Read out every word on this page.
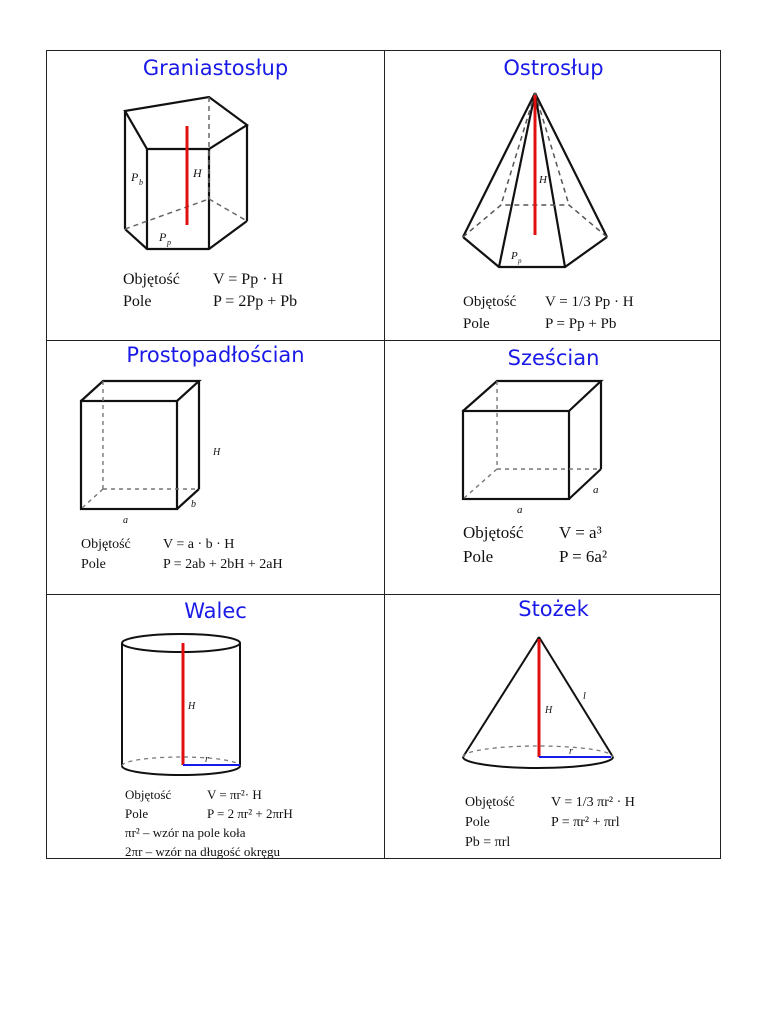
Graniastosłup
H
P b
P p
Objętość V = Pp · H
Pole	P = 2Pp + Pb
Ostrosłup
H
P p
Objętość V = 1/3 Pp · H
Pole	P = Pp + Pb
Prostopadłościan
H
b
a
Objętość V = a · b · H
Pole	P = 2ab + 2bH + 2aH
Sześcian
a
a
Objętość V = a³
Pole	P = 6a²
Walec
H
r
Objętość	V = πr²· H
Pole	P = 2 πr² + 2πrH
πr² – wzór na pole koła
2πr – wzór na długość okręgu
Stożek
H
l
r
Objętość	V = 1/3 πr² · H
Pole	P = πr² + πrl
Pb = πrl
